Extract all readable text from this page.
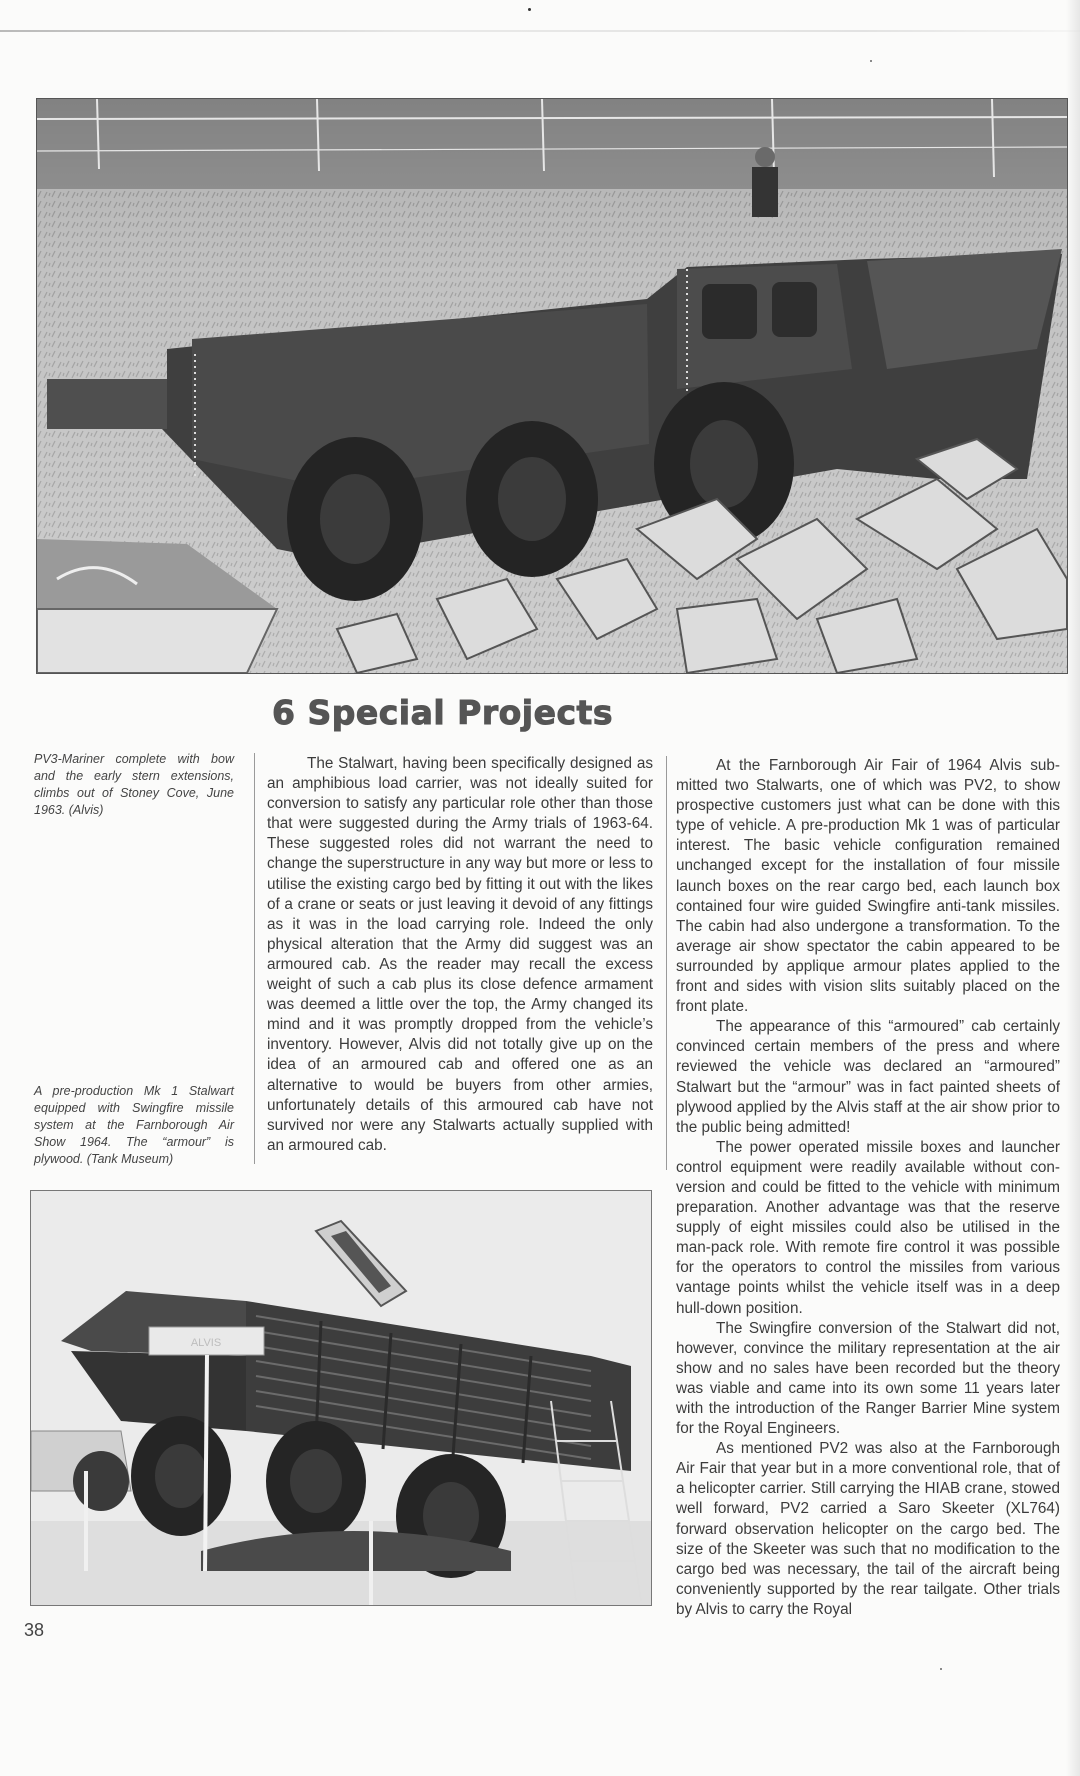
6 Special Projects
PV3-Mariner complete with bow and the early stern extensions, climbs out of Stoney Cove, June 1963. (Alvis)
A pre-production Mk 1 Stalwart equipped with Swingfire missile system at the Farnborough Air Show 1964. The “armour” is plywood. (Tank Museum)

The Stalwart, having been specifically designed as an amphibious load carrier, was not ideally suited for conversion to satisfy any particular role other than those that were suggested during the Army trials of 1963-64. These suggested roles did not warrant the need to change the superstructure in any way but more or less to utilise the existing cargo bed by fitting it out with the likes of a crane or seats or just leaving it devoid of any fittings as it was in the load carrying role. Indeed the only physical alteration that the Army did suggest was an armoured cab. As the reader may recall the excess weight of such a cab plus its close defence armament was deemed a little over the top, the Army changed its mind and it was promptly dropped from the vehicle’s inventory. However, Alvis did not totally give up on the idea of an armoured cab and offered one as an alternative to would be buyers from other armies, unfortunately details of this armoured cab have not survived nor were any Stalwarts actually supplied with an armoured cab.

At the Farnborough Air Fair of 1964 Alvis submitted two Stalwarts, one of which was PV2, to show prospective customers just what can be done with this type of vehicle. A pre-production Mk 1 was of particular interest. The basic vehicle configuration remained unchanged except for the installation of four missile launch boxes on the rear cargo bed, each launch box contained four wire guided Swingfire anti-tank missiles. The cabin had also undergone a transformation. To the average air show spectator the cabin appeared to be surrounded by applique armour plates applied to the front and sides with vision slits suitably placed on the front plate.

The appearance of this “armoured” cab certainly convinced certain members of the press and where reviewed the vehicle was declared an “armoured” Stalwart but the “armour” was in fact painted sheets of plywood applied by the Alvis staff at the air show prior to the public being admitted!

The power operated missile boxes and launcher control equipment were readily available without conversion and could be fitted to the vehicle with minimum preparation. Another advantage was that the reserve supply of eight missiles could also be utilised in the man-pack role. With remote fire control it was possible for the operators to control the missiles from various vantage points whilst the vehicle itself was in a deep hull-down position.

The Swingfire conversion of the Stalwart did not, however, convince the military representation at the air show and no sales have been recorded but the theory was viable and came into its own some 11 years later with the introduction of the Ranger Barrier Mine system for the Royal Engineers.

As mentioned PV2 was also at the Farnborough Air Fair that year but in a more conventional role, that of a helicopter carrier. Still carrying the HIAB crane, stowed well forward, PV2 carried a Saro Skeeter (XL764) forward observation helicopter on the cargo bed. The size of the Skeeter was such that no modification to the cargo bed was necessary, the tail of the aircraft being conveniently supported by the rear tailgate. Other trials by Alvis to carry the Royal

ALVIS
38
